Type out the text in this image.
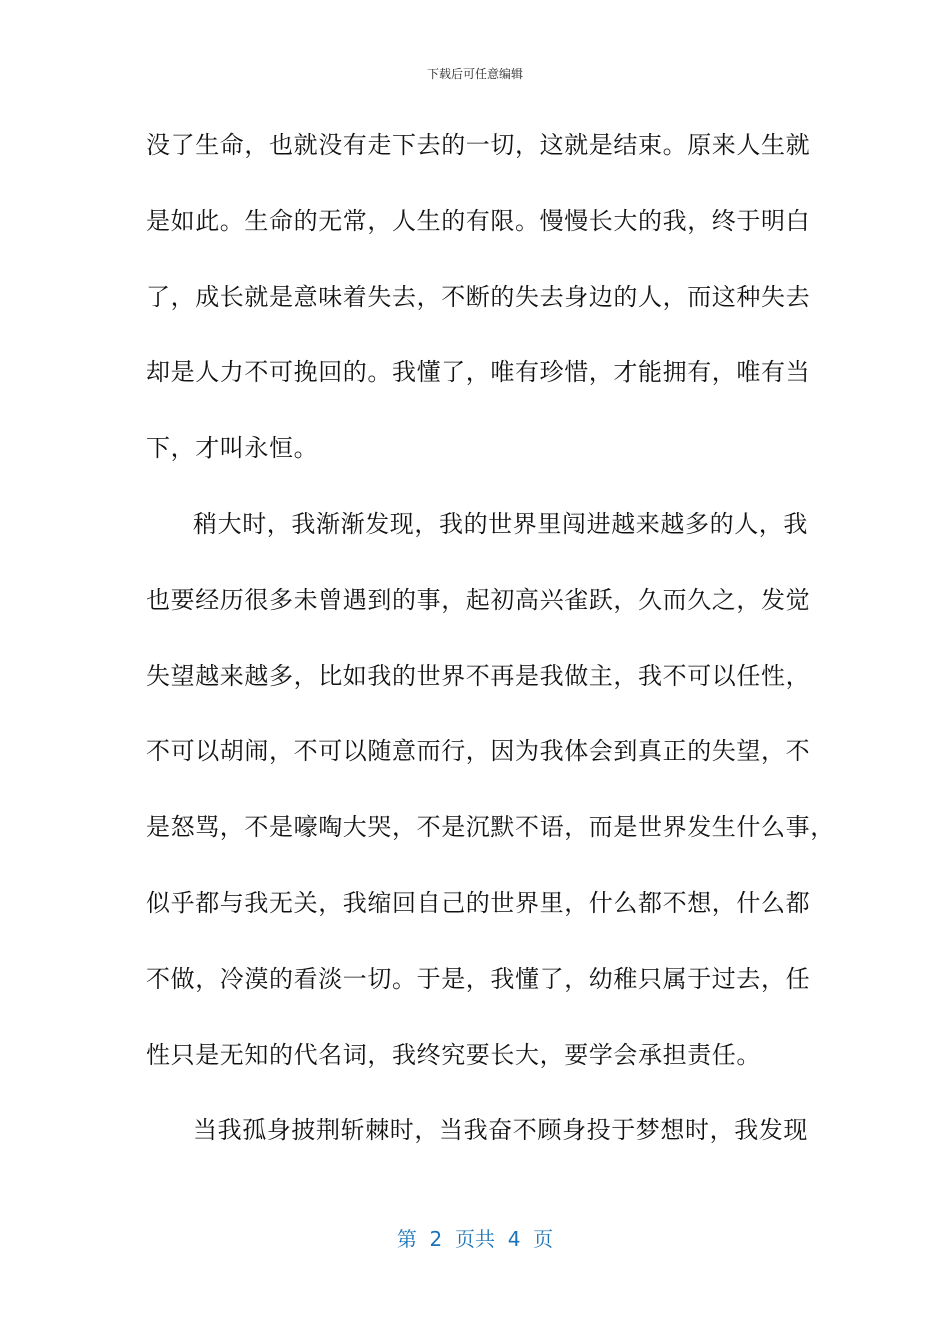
下载后可任意编辑
没了生命，也就没有走下去的一切，这就是结束。原来人生就
是如此。生命的无常，人生的有限。慢慢长大的我，终于明白
了，成长就是意味着失去，不断的失去身边的人，而这种失去
却是人力不可挽回的。我懂了，唯有珍惜，才能拥有，唯有当
下，才叫永恒。
稍大时，我渐渐发现，我的世界里闯进越来越多的人，我
也要经历很多未曾遇到的事，起初高兴雀跃，久而久之，发觉
失望越来越多，比如我的世界不再是我做主，我不可以任性，
不可以胡闹，不可以随意而行，因为我体会到真正的失望，不
是怒骂，不是嚎啕大哭，不是沉默不语，而是世界发生什么事，
似乎都与我无关，我缩回自己的世界里，什么都不想，什么都
不做，冷漠的看淡一切。于是，我懂了，幼稚只属于过去，任
性只是无知的代名词，我终究要长大，要学会承担责任。
当我孤身披荆斩棘时，当我奋不顾身投于梦想时，我发现
第  2  页共  4  页
